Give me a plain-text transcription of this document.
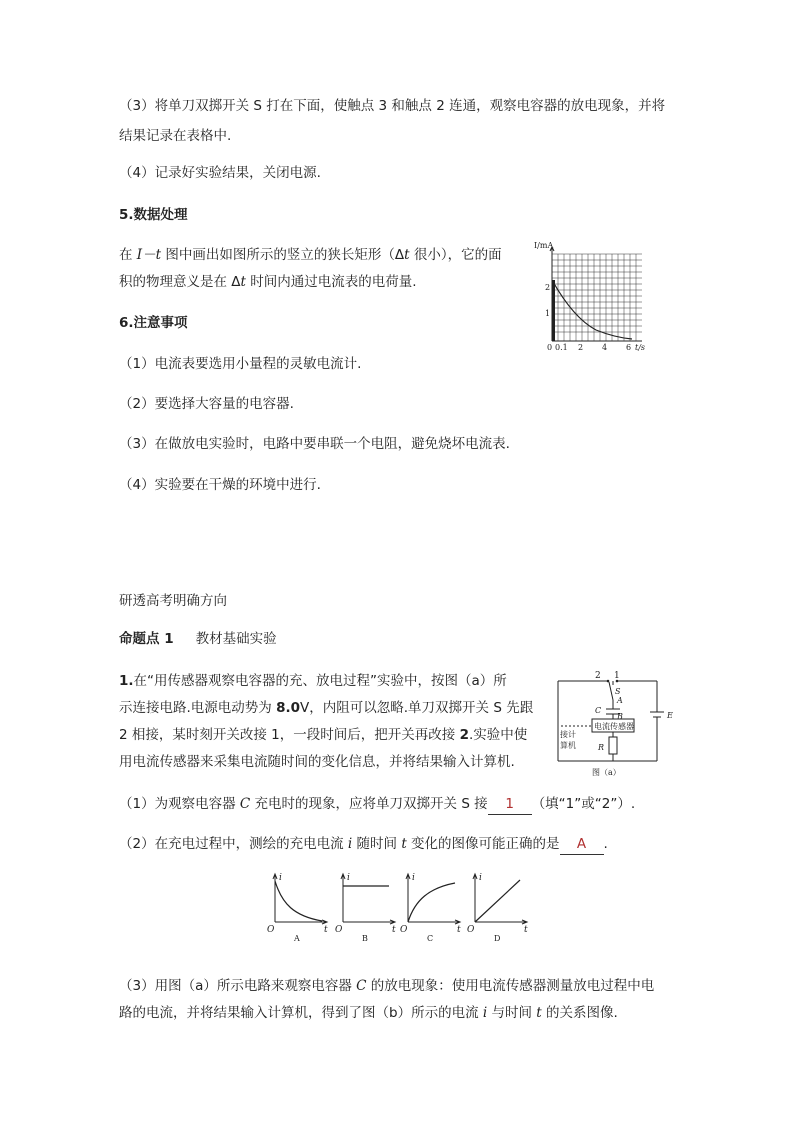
（3）将单刀双掷开关 S 打在下面，使触点 3 和触点 2 连通，观察电容器的放电现象，并将
结果记录在表格中.
（4）记录好实验结果，关闭电源.
5.数据处理
在 I－t 图中画出如图所示的竖立的狭长矩形（Δt 很小），它的面
积的物理意义是在 Δt 时间内通过电流表的电荷量.
I/mA
1
2
0 0.1 2 4 6 t/s
6.注意事项
（1）电流表要选用小量程的灵敏电流计.
（2）要选择大容量的电容器.
（3）在做放电实验时，电路中要串联一个电阻，避免烧坏电流表.
（4）实验要在干燥的环境中进行.
研透高考明确方向
命题点 1 教材基础实验
1.在“用传感器观察电容器的充、放电过程”实验中，按图（a）所
示连接电路.电源电动势为 8.0V，内阻可以忽略.单刀双掷开关 S 先跟
2 相接，某时刻开关改接 1，一段时间后，把开关再改接 2.实验中使
用电流传感器来采集电流随时间的变化信息，并将结果输入计算机.
2 1
S
A
C
B
电流传感器
接计
算机	R
E
图（a）
（1）为观察电容器 C 充电时的现象，应将单刀双掷开关 S 接 1 （填“1”或“2”）.
（2）在充电过程中，测绘的充电电流 i 随时间 t 变化的图像可能正确的是 A .
i
O	t
A
i
O	t
B
i
O	t
C
i
O	t
D
（3）用图（a）所示电路来观察电容器 C 的放电现象：使用电流传感器测量放电过程中电
路的电流，并将结果输入计算机，得到了图（b）所示的电流 i 与时间 t 的关系图像.
